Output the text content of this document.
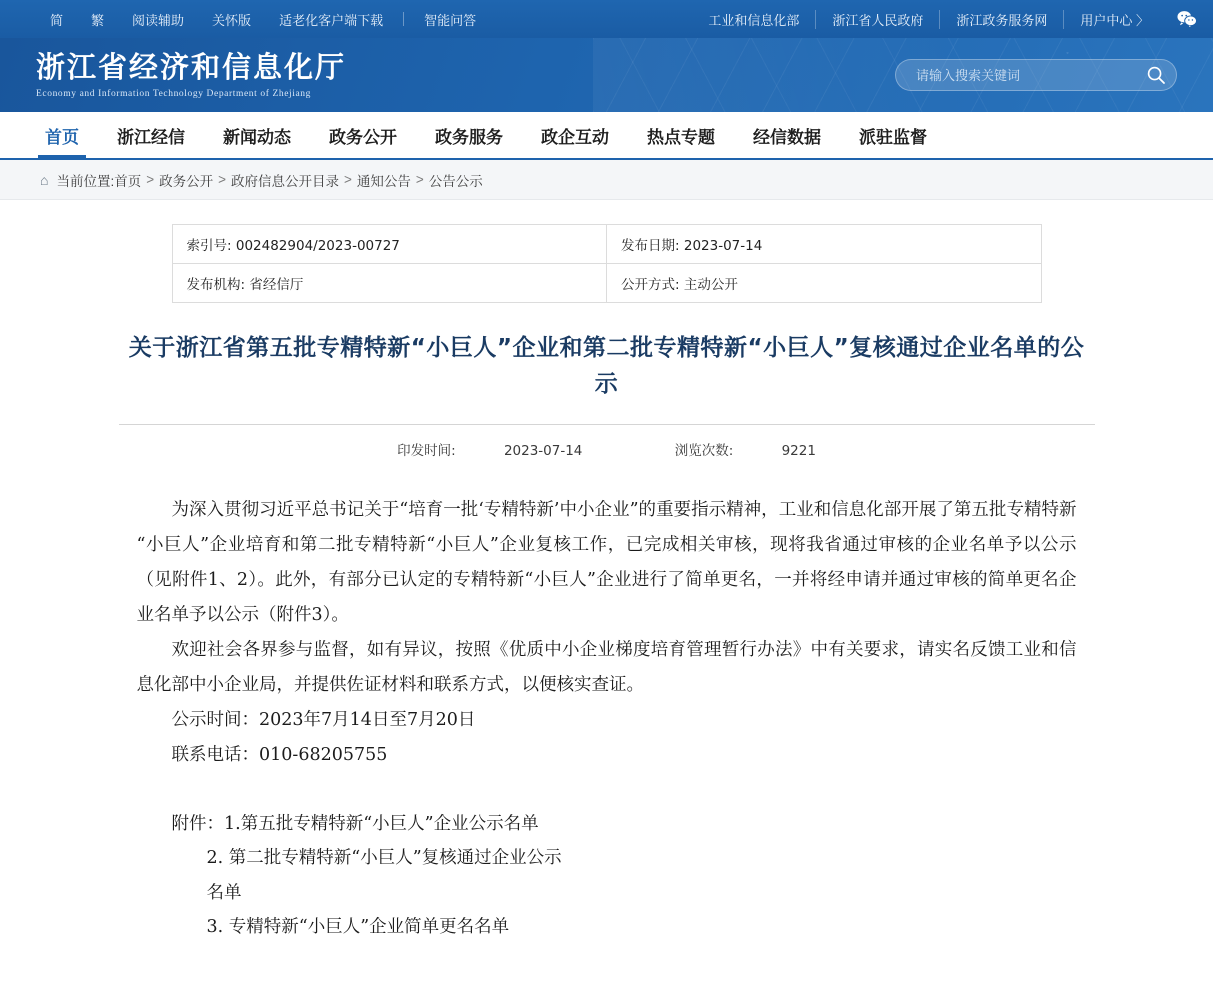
简	繁	阅读辅助	关怀版	适老化客户端下载	智能问答	工业和信息化部	浙江省人民政府	浙江政务服务网	用户中心 〉
浙江省经济和信息化厅
Economy and Information Technology Department of Zhejiang
请输入搜索关键词
首页 浙江经信 新闻动态 政务公开 政务服务 政企互动 热点专题 经信数据 派驻监督
⌂ 当前位置: 首页 > 政务公开 > 政府信息公开目录 > 通知公告 > 公告公示
索引号: 002482904/2023-00727	发布日期: 2023-07-14
发布机构: 省经信厅	公开方式: 主动公开
关于浙江省第五批专精特新“小巨人”企业和第二批专精特新“小巨人”复核通过企业名单的公示
印发时间:	2023-07-14	浏览次数:	9221

为深入贯彻习近平总书记关于“培育一批‘专精特新’中小企业”的重要指示精神，工业和信息化部开展了第五批专精特新“小巨人”企业培育和第二批专精特新“小巨人”企业复核工作，已完成相关审核，现将我省通过审核的企业名单予以公示（见附件1、2）。此外，有部分已认定的专精特新“小巨人”企业进行了简单更名，一并将经申请并通过审核的简单更名企业名单予以公示（附件3）。

欢迎社会各界参与监督，如有异议，按照《优质中小企业梯度培育管理暂行办法》中有关要求，请实名反馈工业和信息化部中小企业局，并提供佐证材料和联系方式，以便核实查证。

公示时间：2023年7月14日至7月20日

联系电话：010-68205755

附件：1.第五批专精特新“小巨人”企业公示名单
2. 第二批专精特新“小巨人”复核通过企业公示
名单
3. 专精特新“小巨人”企业简单更名名单
